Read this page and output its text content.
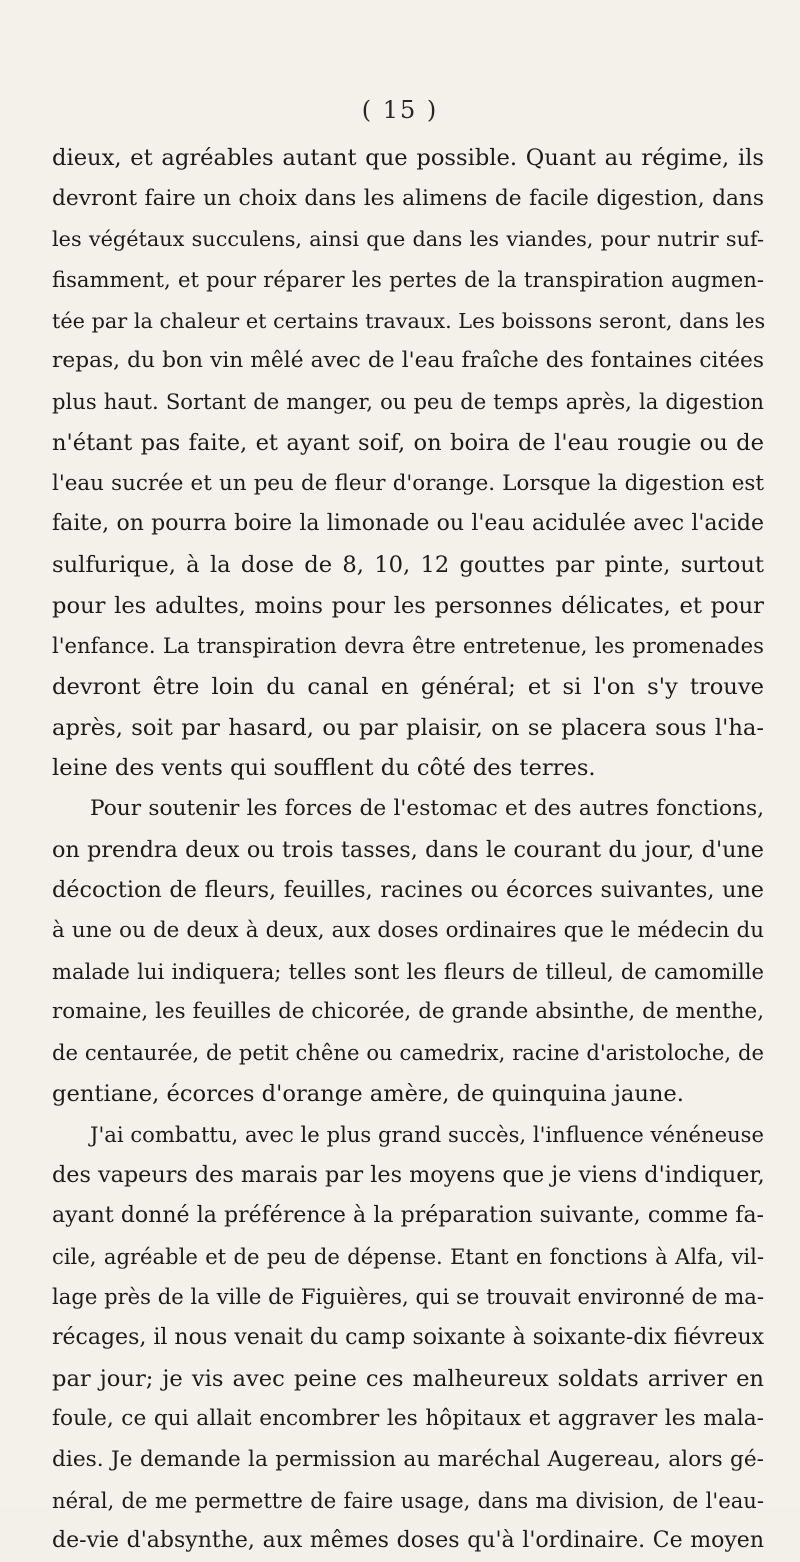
( 15 )
dieux, et agréables autant que possible. Quant au régime, ils
devront faire un choix dans les alimens de facile digestion, dans
les végétaux succulens, ainsi que dans les viandes, pour nutrir suf-
fisamment, et pour réparer les pertes de la transpiration augmen-
tée par la chaleur et certains travaux. Les boissons seront, dans les
repas, du bon vin mêlé avec de l'eau fraîche des fontaines citées
plus haut. Sortant de manger, ou peu de temps après, la digestion
n'étant pas faite, et ayant soif, on boira de l'eau rougie ou de
l'eau sucrée et un peu de fleur d'orange. Lorsque la digestion est
faite, on pourra boire la limonade ou l'eau acidulée avec l'acide
sulfurique, à la dose de 8, 10, 12 gouttes par pinte, surtout
pour les adultes, moins pour les personnes délicates, et pour
l'enfance. La transpiration devra être entretenue, les promenades
devront être loin du canal en général; et si l'on s'y trouve
après, soit par hasard, ou par plaisir, on se placera sous l'ha-
leine des vents qui soufflent du côté des terres.
Pour soutenir les forces de l'estomac et des autres fonctions,
on prendra deux ou trois tasses, dans le courant du jour, d'une
décoction de fleurs, feuilles, racines ou écorces suivantes, une
à une ou de deux à deux, aux doses ordinaires que le médecin du
malade lui indiquera; telles sont les fleurs de tilleul, de camomille
romaine, les feuilles de chicorée, de grande absinthe, de menthe,
de centaurée, de petit chêne ou camedrix, racine d'aristoloche, de
gentiane, écorces d'orange amère, de quinquina jaune.
J'ai combattu, avec le plus grand succès, l'influence vénéneuse
des vapeurs des marais par les moyens que je viens d'indiquer,
ayant donné la préférence à la préparation suivante, comme fa-
cile, agréable et de peu de dépense. Etant en fonctions à Alfa, vil-
lage près de la ville de Figuières, qui se trouvait environné de ma-
récages, il nous venait du camp soixante à soixante-dix fiévreux
par jour; je vis avec peine ces malheureux soldats arriver en
foule, ce qui allait encombrer les hôpitaux et aggraver les mala-
dies. Je demande la permission au maréchal Augereau, alors gé-
néral, de me permettre de faire usage, dans ma division, de l'eau-
de-vie d'absynthe, aux mêmes doses qu'à l'ordinaire. Ce moyen
